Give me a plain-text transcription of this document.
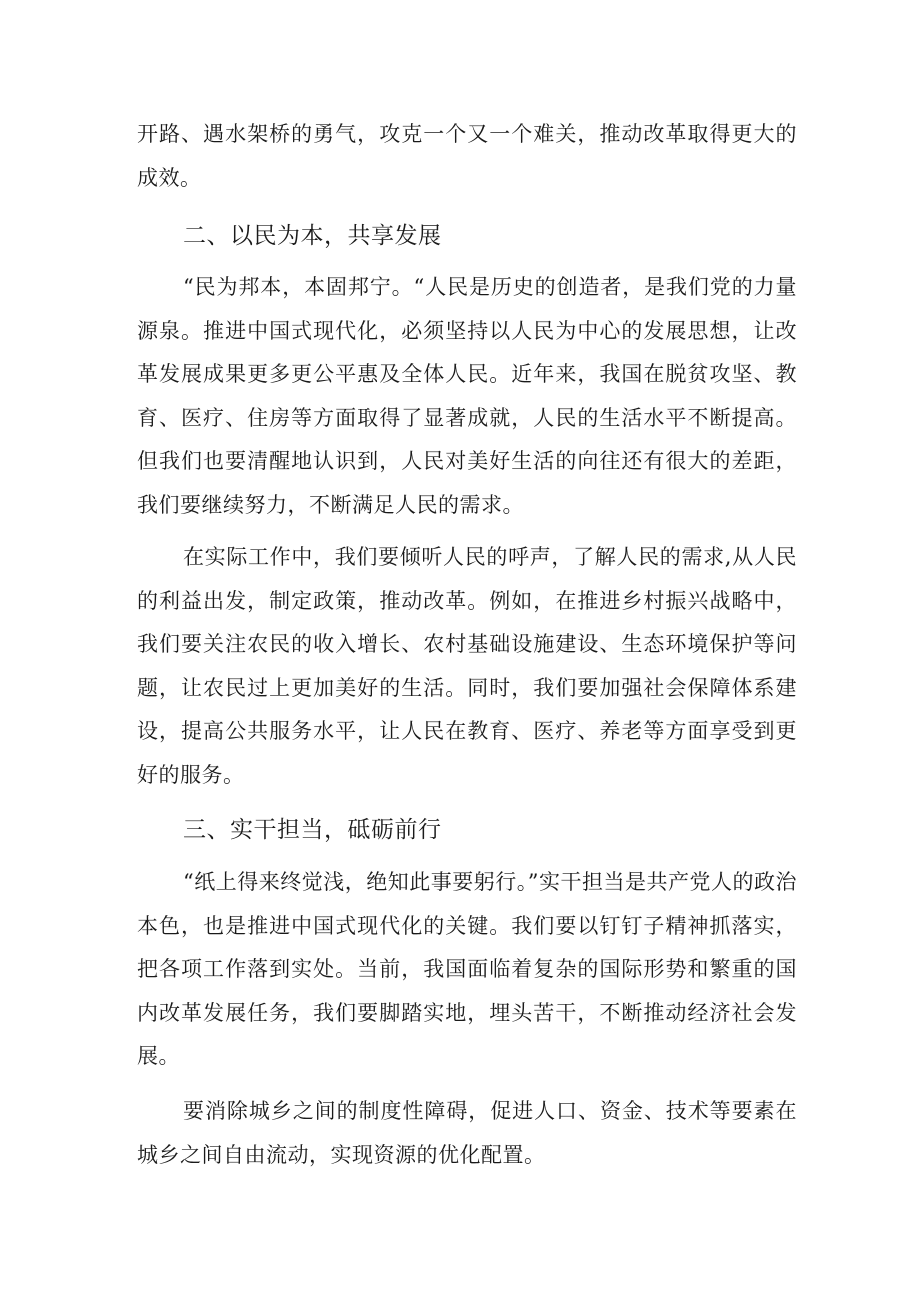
开路、遇水架桥的勇气，攻克一个又一个难关，推动改革取得更大的成效。

二、以民为本，共享发展

“民为邦本，本固邦宁。“人民是历史的创造者，是我们党的力量源泉。推进中国式现代化，必须坚持以人民为中心的发展思想，让改革发展成果更多更公平惠及全体人民。近年来，我国在脱贫攻坚、教育、医疗、住房等方面取得了显著成就，人民的生活水平不断提高。但我们也要清醒地认识到，人民对美好生活的向往还有很大的差距，我们要继续努力，不断满足人民的需求。

在实际工作中，我们要倾听人民的呼声，了解人民的需求,从人民的利益出发，制定政策，推动改革。例如，在推进乡村振兴战略中，我们要关注农民的收入增长、农村基础设施建设、生态环境保护等问题，让农民过上更加美好的生活。同时，我们要加强社会保障体系建设，提高公共服务水平，让人民在教育、医疗、养老等方面享受到更好的服务。

三、实干担当，砥砺前行

“纸上得来终觉浅，绝知此事要躬行。”实干担当是共产党人的政治本色，也是推进中国式现代化的关键。我们要以钉钉子精神抓落实，把各项工作落到实处。当前，我国面临着复杂的国际形势和繁重的国内改革发展任务，我们要脚踏实地，埋头苦干，不断推动经济社会发展。

要消除城乡之间的制度性障碍，促进人口、资金、技术等要素在城乡之间自由流动，实现资源的优化配置。
